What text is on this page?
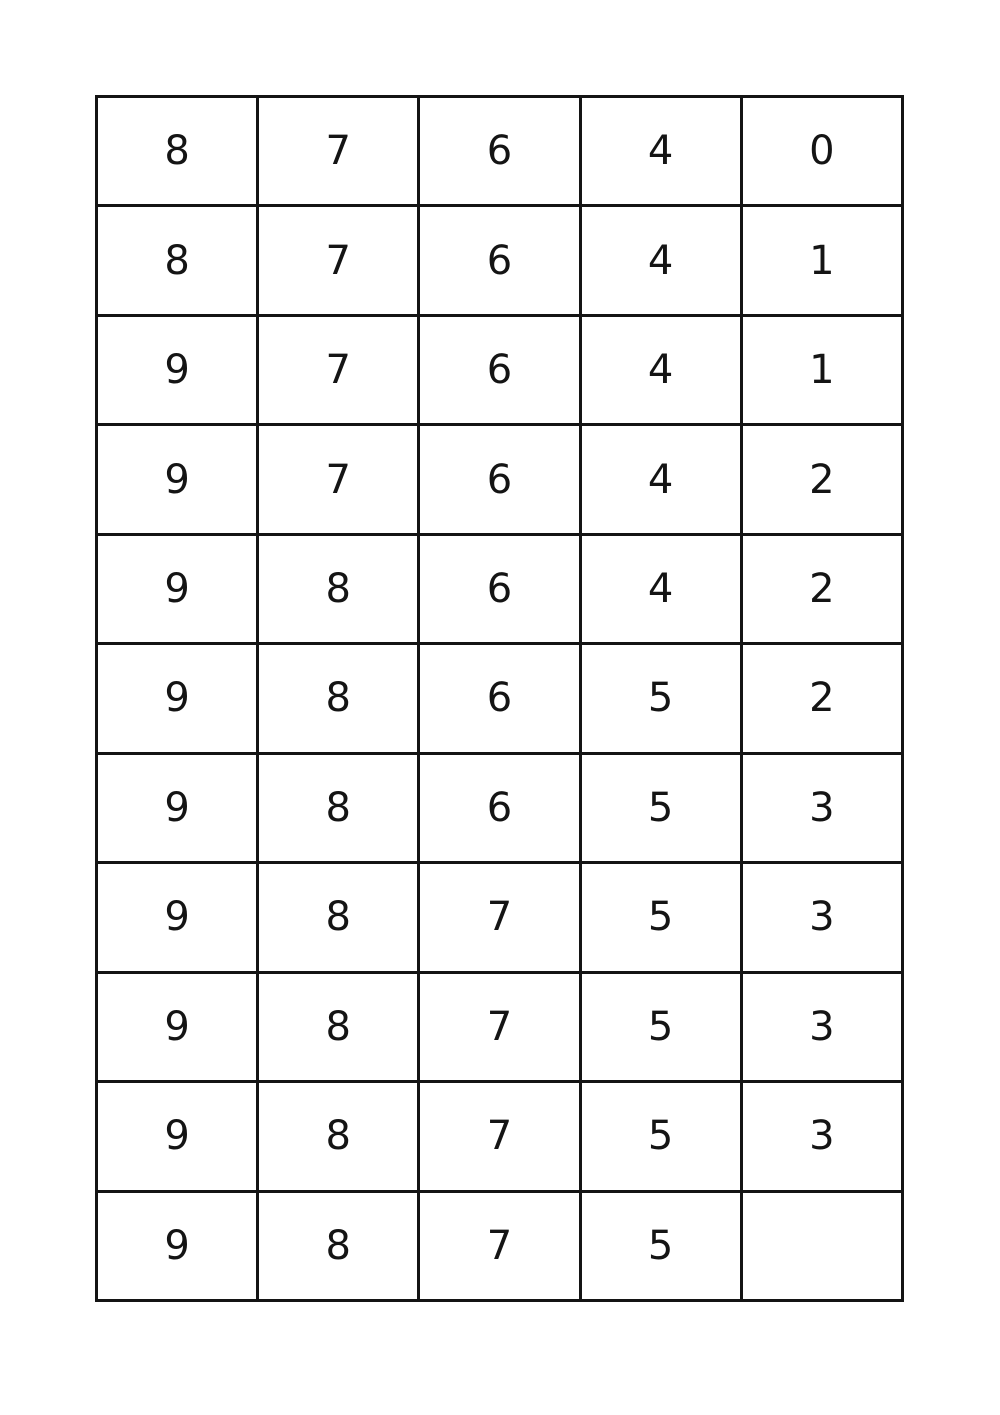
8	7	6	4	0
8	7	6	4	1
9	7	6	4	1
9	7	6	4	2
9	8	6	4	2
9	8	6	5	2
9	8	6	5	3
9	8	7	5	3
9	8	7	5	3
9	8	7	5	3
9	8	7	5	
